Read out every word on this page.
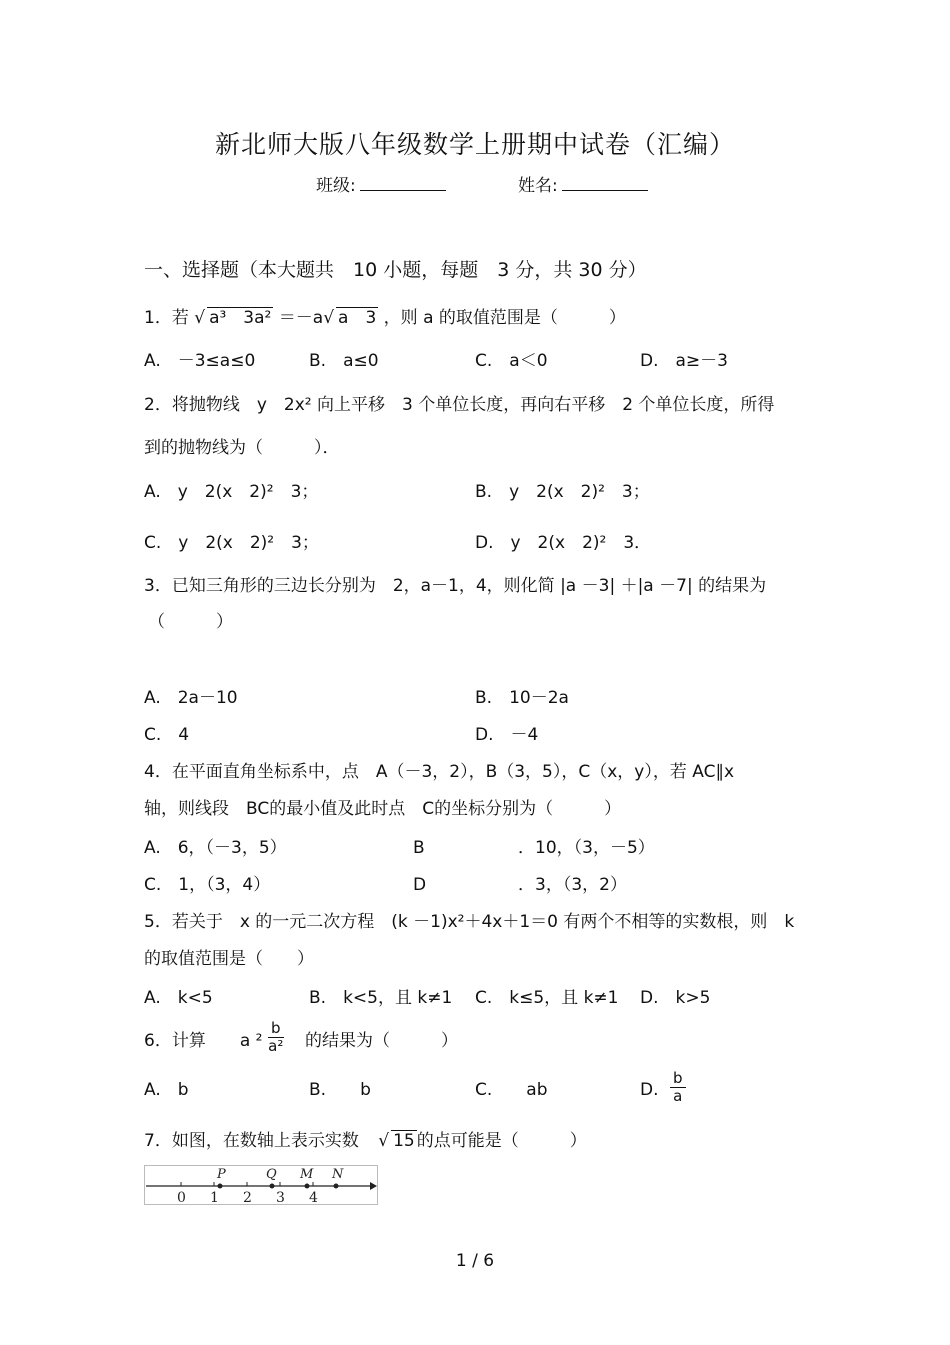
新北师大版八年级数学上册期中试卷（汇编）
班级:	姓名:
一、选择题（本大题共　10 小题，每题　3 分，共 30 分）
1．若 √ a³　3a² ＝－a√ a　3 ，则 a 的取值范围是（　　　）
A.　－3≤a≤0	B.　a≤0	C.　a＜0	D.　a≥－3
2．将抛物线　y　2x² 向上平移　3 个单位长度，再向右平移　2 个单位长度，所得
到的抛物线为（　　　）．
A.　y　2(x　2)²　3；	B.　y　2(x　2)²　3；
C.　y　2(x　2)²　3；	D.　y　2(x　2)²　3．
3．已知三角形的三边长分别为　2，a－1，4，则化简 |a －3| ＋|a －7| 的结果为
（　　　）
A.　2a－10	B.　10－2a
C.　4	D.　－4
4．在平面直角坐标系中，点　A（－3，2），B（3，5），C（x，y），若 AC∥x
轴，则线段　BC的最小值及此时点　C的坐标分别为（　　　）
A.　6，（－3，5）	B	．10，（3，－5）
C.　1，（3，4）	D	．3，（3，2）
5．若关于　x 的一元二次方程　(k －1)x²＋4x＋1＝0 有两个不相等的实数根，则　k
的取值范围是（　　）
A.　k<5	B.　k<5，且 k≠1 C.　k≤5，且 k≠1 D.　k>5
6．计算　　a $^2 \frac{b}{\text{a²}}$ 的结果为（　　　）
A.　b	B.　　b	C.　　ab	D. $\frac{b}{a}$
7．如图，在数轴上表示实数 √ 15 的点可能是（　　　）
0 1 2 3 4
P	Q M N
1 / 6
